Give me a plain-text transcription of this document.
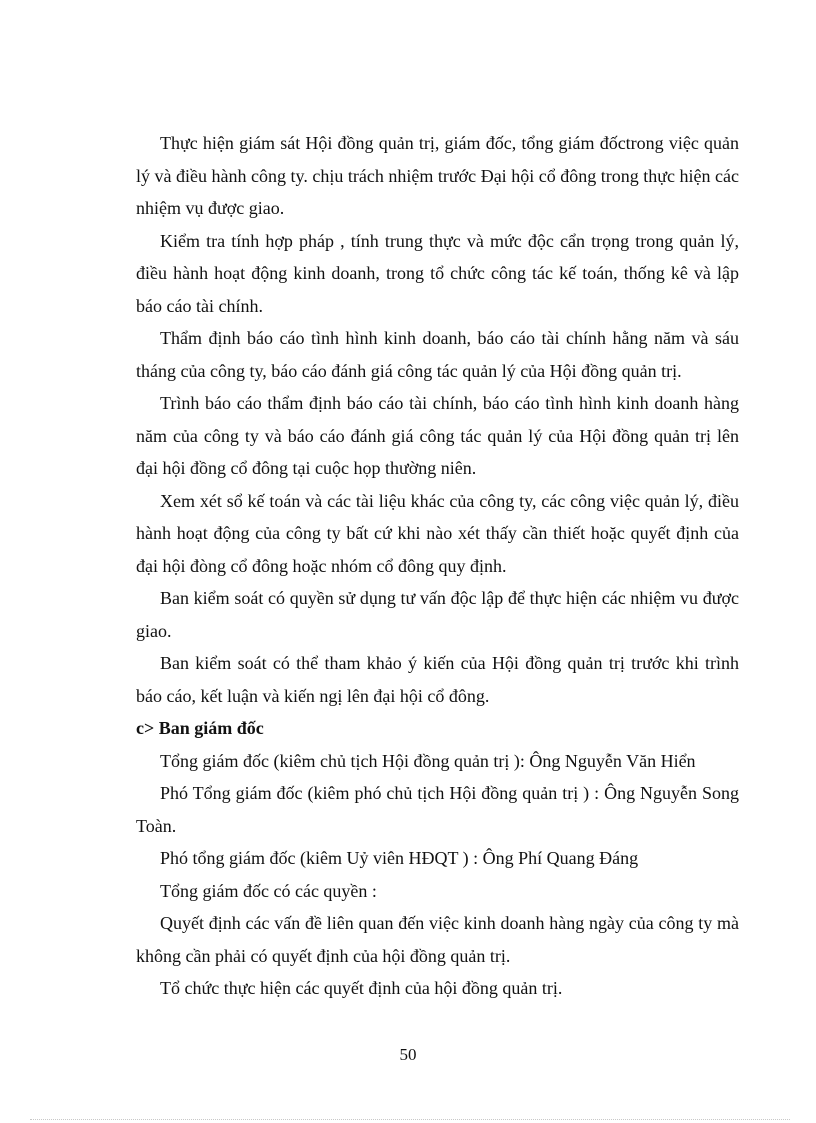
Thực hiện giám sát Hội đồng quản trị, giám đốc, tổng giám đốctrong việc quản lý và điều hành công ty. chịu trách nhiệm trước Đại hội cổ đông trong thực hiện các nhiệm vụ được giao.

Kiểm tra tính hợp pháp , tính trung thực và mức độc cẩn trọng trong quản lý, điều hành hoạt động kinh doanh, trong tổ chức công tác kế toán, thống kê và lập báo cáo tài chính.

Thẩm định báo cáo tình hình kinh doanh, báo cáo tài chính hằng năm và sáu tháng của công ty, báo cáo đánh giá công tác quản lý của Hội đồng quản trị.

Trình báo cáo thẩm định báo cáo tài chính, báo cáo tình hình kinh doanh hàng năm của công ty và báo cáo đánh giá công tác quản lý của Hội đồng quản trị lên đại hội đồng cổ đông tại cuộc họp thường niên.

Xem xét sổ kế toán và các tài liệu khác của công ty, các công việc quản lý, điều hành hoạt động của công ty bất cứ khi nào xét thấy cần thiết hoặc quyết định của đại hội đòng cổ đông hoặc nhóm cổ đông quy định.

Ban kiểm soát có quyền sử dụng tư vấn độc lập để thực hiện các nhiệm vu được giao.

Ban kiểm soát có thể tham khảo ý kiến của Hội đồng quản trị trước khi trình báo cáo, kết luận và kiến ngị lên đại hội cổ đông.

c> Ban giám đốc

Tổng giám đốc (kiêm chủ tịch Hội đồng quản trị ): Ông Nguyễn Văn Hiển

Phó Tổng giám đốc (kiêm phó chủ tịch Hội đồng quản trị ) : Ông Nguyễn Song Toàn.

Phó tổng giám đốc (kiêm Uỷ viên HĐQT ) : Ông Phí Quang Đáng

Tổng giám đốc có các quyền :

Quyết định các vấn đề liên quan đến việc kinh doanh hàng ngày của công ty mà không cần phải có quyết định của hội đồng quản trị.

Tổ chức thực hiện các quyết định của hội đồng quản trị.

50
